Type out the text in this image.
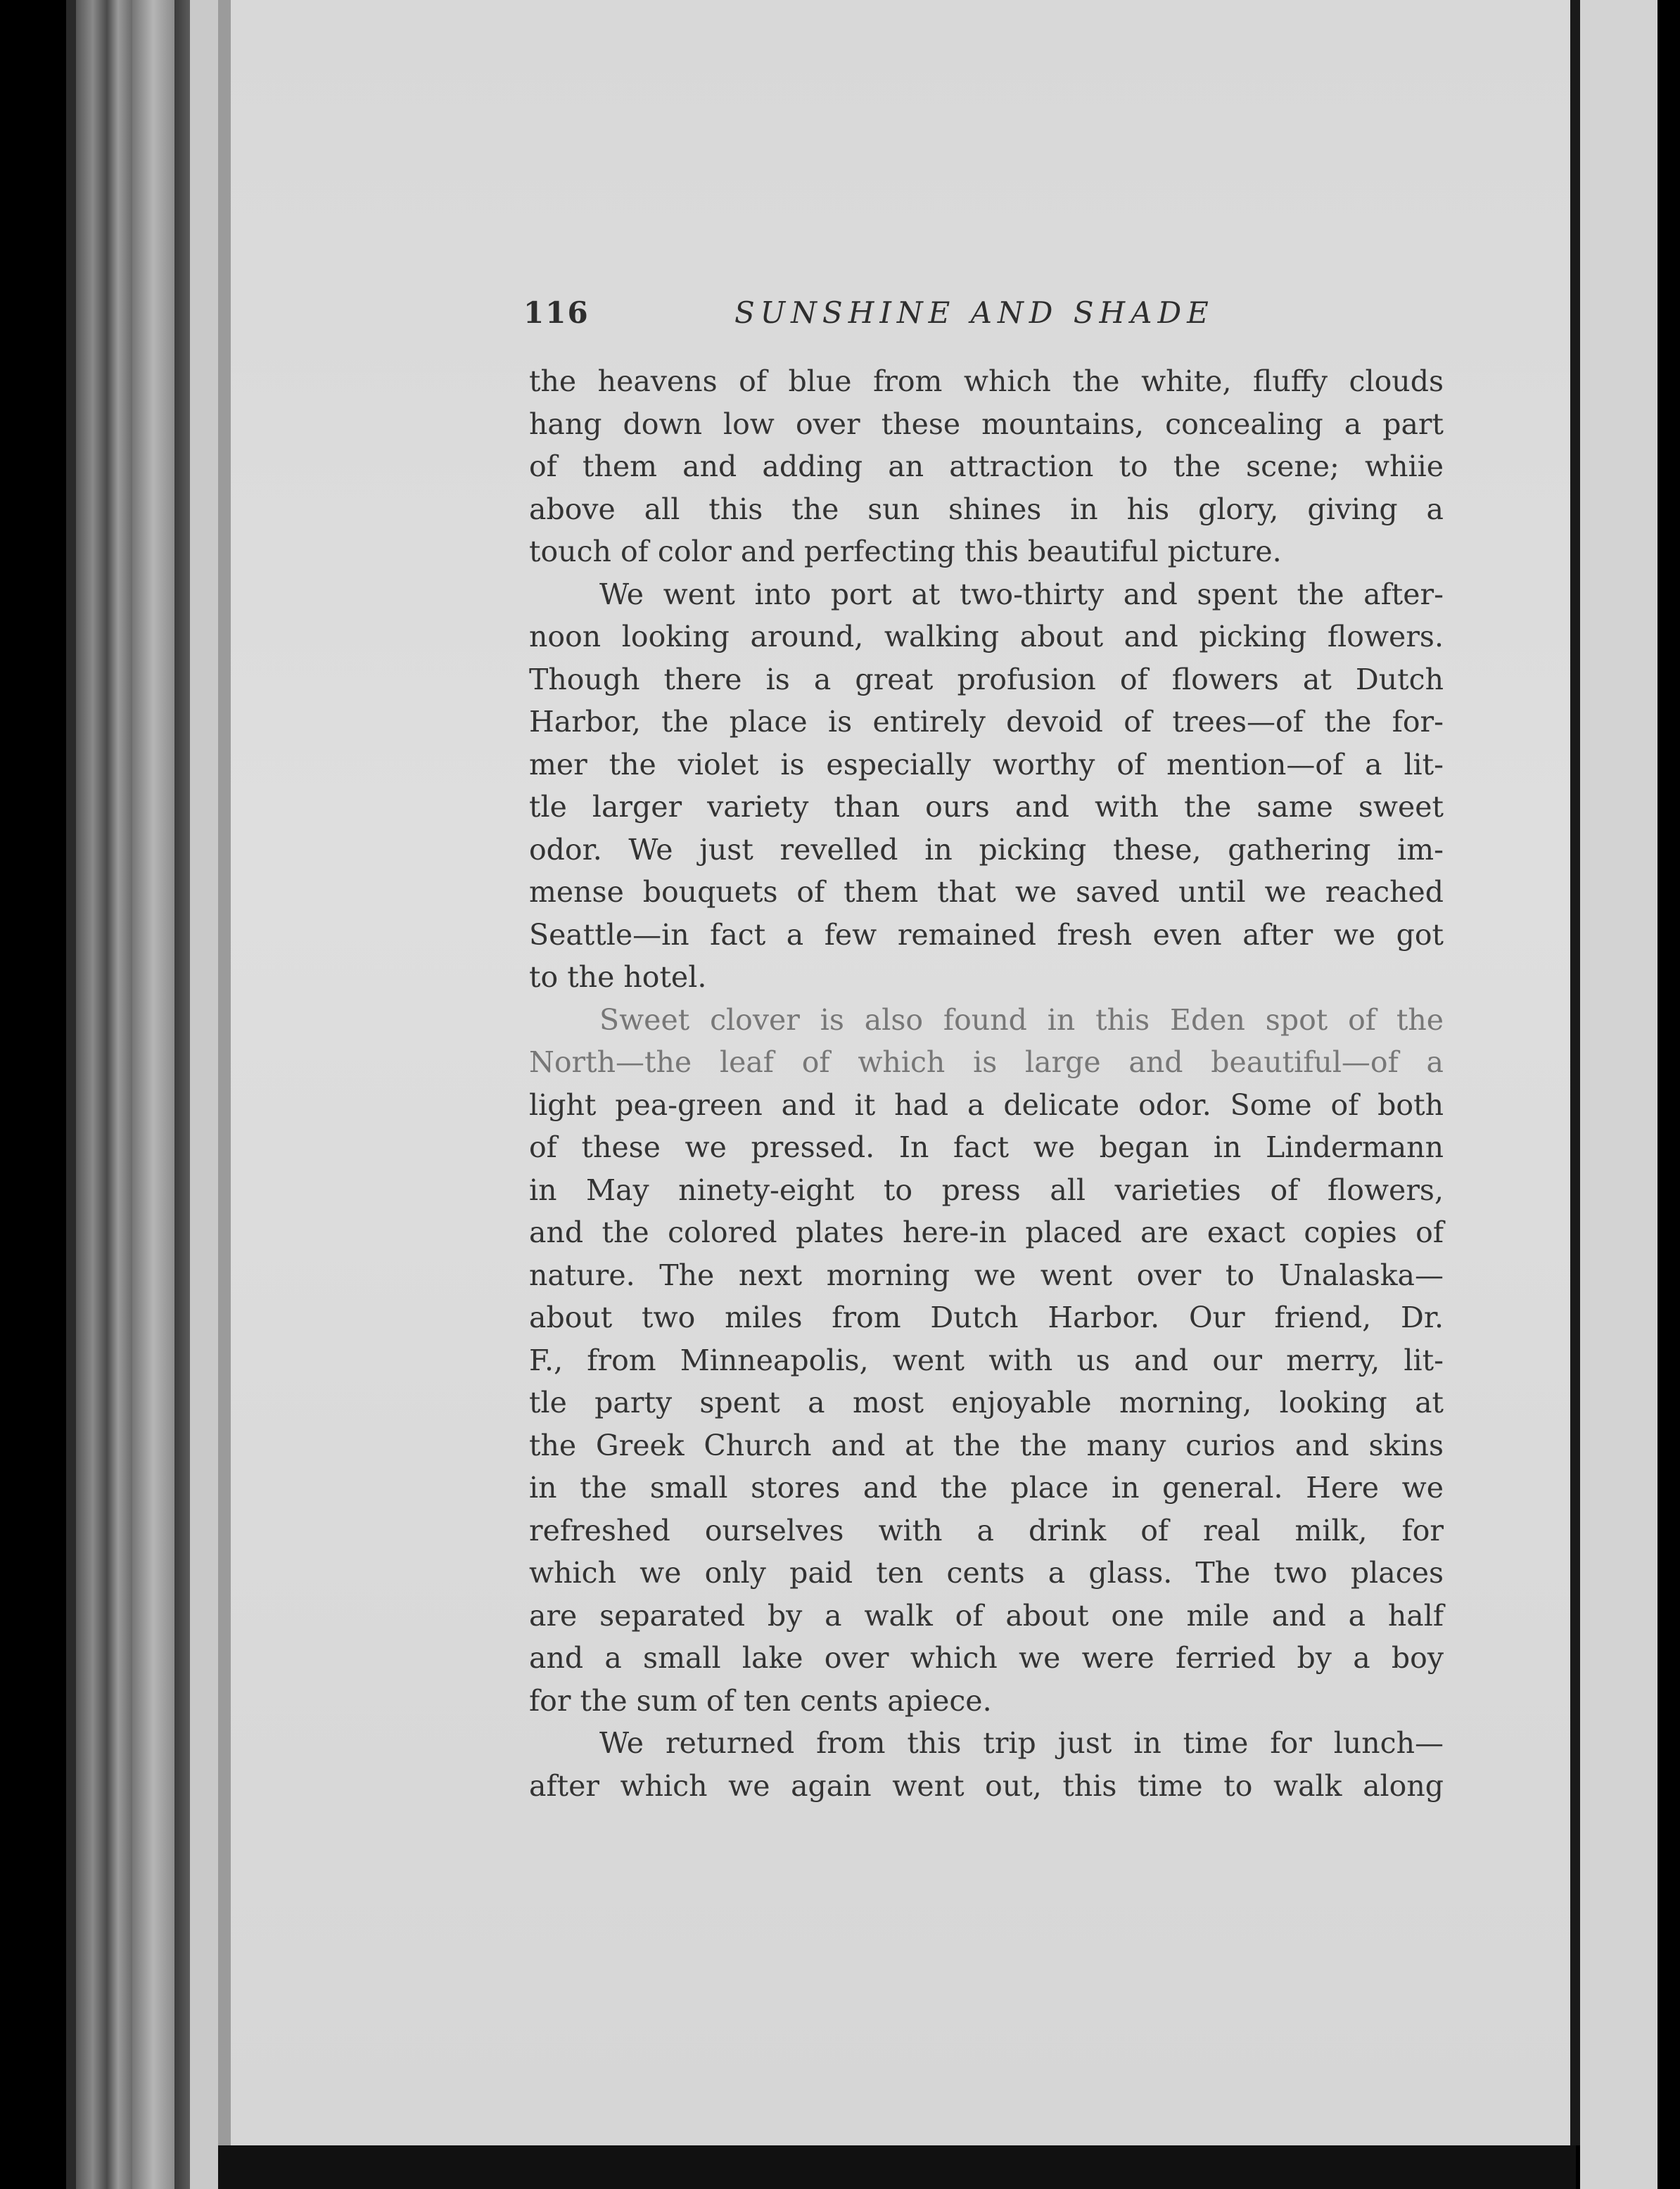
116	SUNSHINE AND SHADE
the heavens of blue from which the white, fluffy clouds
hang down low over these mountains, concealing a part
of them and adding an attraction to the scene; whiie
above all this the sun shines in his glory, giving a
touch of color and perfecting this beautiful picture.
We went into port at two-thirty and spent the after-
noon looking around, walking about and picking flowers.
Though there is a great profusion of flowers at Dutch
Harbor, the place is entirely devoid of trees—of the for-
mer the violet is especially worthy of mention—of a lit-
tle larger variety than ours and with the same sweet
odor. We just revelled in picking these, gathering im-
mense bouquets of them that we saved until we reached
Seattle—in fact a few remained fresh even after we got
to the hotel.
Sweet clover is also found in this Eden spot of the
North—the leaf of which is large and beautiful—of a
light pea-green and it had a delicate odor. Some of both
of these we pressed. In fact we began in Lindermann
in May ninety-eight to press all varieties of flowers,
and the colored plates here-in placed are exact copies of
nature. The next morning we went over to Unalaska—
about two miles from Dutch Harbor. Our friend, Dr.
F., from Minneapolis, went with us and our merry, lit-
tle party spent a most enjoyable morning, looking at
the Greek Church and at the the many curios and skins
in the small stores and the place in general. Here we
refreshed ourselves with a drink of real milk, for
which we only paid ten cents a glass. The two places
are separated by a walk of about one mile and a half
and a small lake over which we were ferried by a boy
for the sum of ten cents apiece.
We returned from this trip just in time for lunch—
after which we again went out, this time to walk along
